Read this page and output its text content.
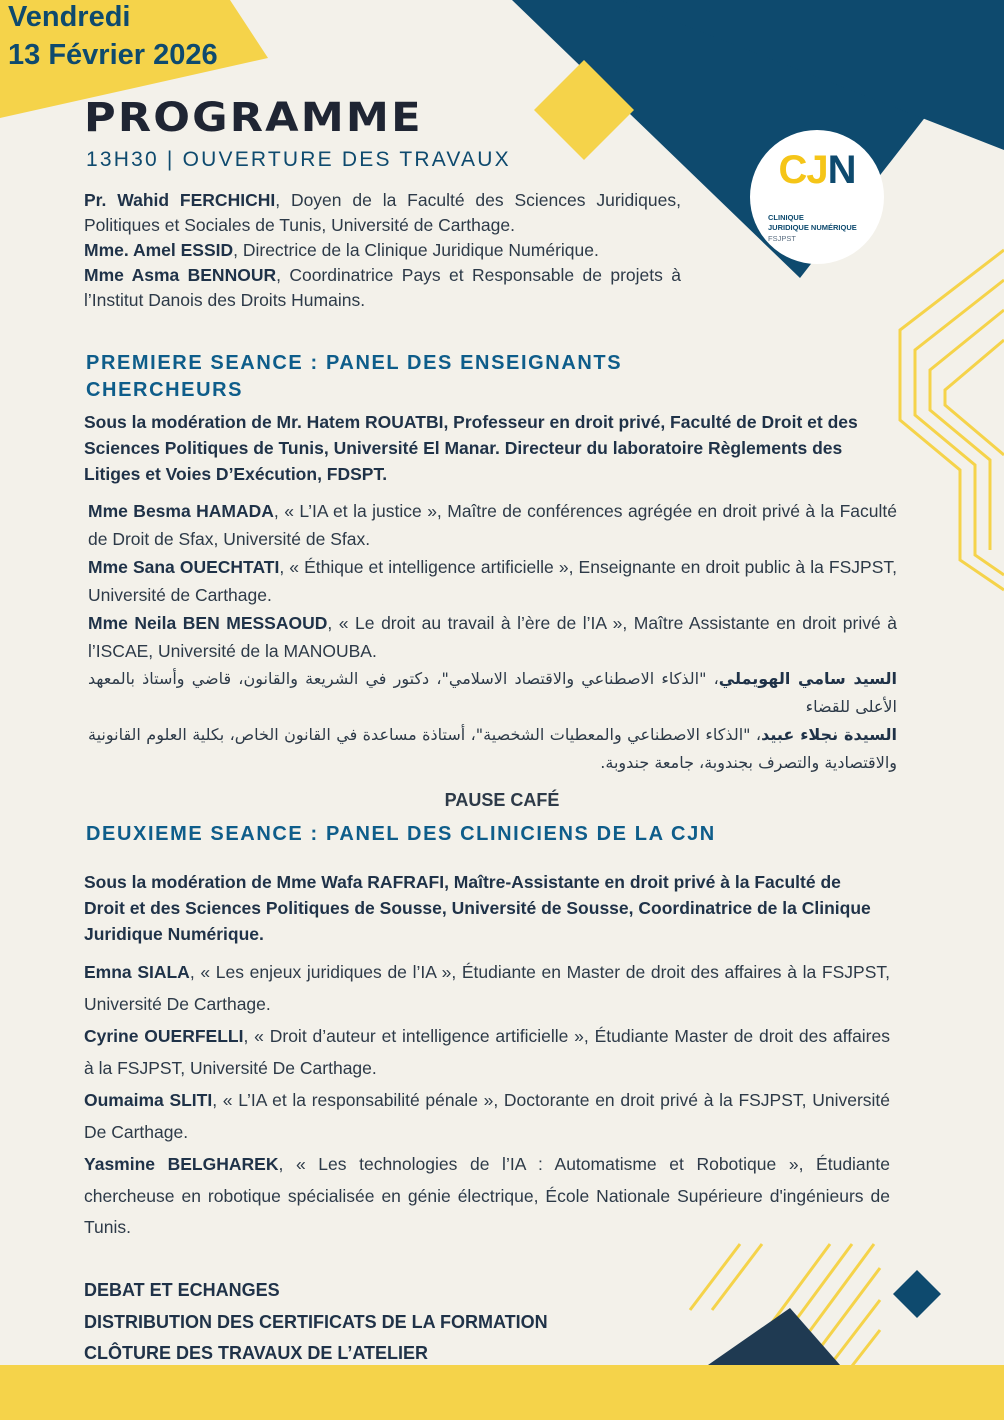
Vendredi
13 Février 2026
PROGRAMME
13H30 | OUVERTURE DES TRAVAUX	CJN
CLINIQUE
JURIDIQUE NUMÉRIQUE
FSJPST

Pr. Wahid FERCHICHI, Doyen de la Faculté des Sciences Juridiques, Politiques et Sociales de Tunis, Université de Carthage.

Mme. Amel ESSID, Directrice de la Clinique Juridique Numérique.

Mme Asma BENNOUR, Coordinatrice Pays et Responsable de projets à l’Institut Danois des Droits Humains.

PREMIERE SEANCE : PANEL DES ENSEIGNANTS CHERCHEURS

Sous la modération de Mr. Hatem ROUATBI, Professeur en droit privé, Faculté de Droit et des Sciences Politiques de Tunis, Université El Manar. Directeur du laboratoire Règlements des Litiges et Voies D’Exécution, FDSPT.

Mme Besma HAMADA, « L’IA et la justice », Maître de conférences agrégée en droit privé à la Faculté de Droit de Sfax, Université de Sfax.

Mme Sana OUECHTATI, « Éthique et intelligence artificielle », Enseignante en droit public à la FSJPST, Université de Carthage.

Mme Neila BEN MESSAOUD, « Le droit au travail à l’ère de l’IA », Maître Assistante en droit privé à l’ISCAE, Université de la MANOUBA.

السيد سامي الهويملي، "الذكاء الاصطناعي والاقتصاد الاسلامي"، دكتور في الشريعة والقانون، قاضي وأستاذ بالمعهد الأعلى للقضاء

السيدة نجلاء عبيد، "الذكاء الاصطناعي والمعطيات الشخصية"، أستاذة مساعدة في القانون الخاص، بكلية العلوم القانونية والاقتصادية والتصرف بجندوبة، جامعة جندوبة.

PAUSE CAFÉ

DEUXIEME SEANCE : PANEL DES CLINICIENS DE LA CJN

Sous la modération de Mme Wafa RAFRAFI, Maître-Assistante en droit privé à la Faculté de Droit et des Sciences Politiques de Sousse, Université de Sousse, Coordinatrice de la Clinique Juridique Numérique.

Emna SIALA, « Les enjeux juridiques de l’IA », Étudiante en Master de droit des affaires à la FSJPST, Université De Carthage.

Cyrine OUERFELLI, « Droit d’auteur et intelligence artificielle », Étudiante Master de droit des affaires à la FSJPST, Université De Carthage.

Oumaima SLITI, « L’IA et la responsabilité pénale », Doctorante en droit privé à la FSJPST, Université De Carthage.

Yasmine BELGHAREK, « Les technologies de l’IA : Automatisme et Robotique », Étudiante chercheuse en robotique spécialisée en génie électrique, École Nationale Supérieure d'ingénieurs de Tunis.

DEBAT ET ECHANGES
DISTRIBUTION DES CERTIFICATS DE LA FORMATION
CLÔTURE DES TRAVAUX DE L’ATELIER
